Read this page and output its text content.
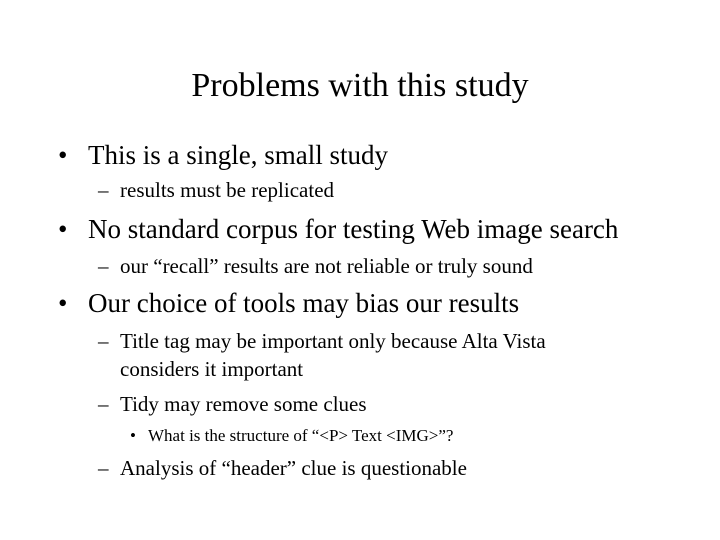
Problems with this study
• This is a single, small study
– results must be replicated
• No standard corpus for testing Web image search
– our “recall” results are not reliable or truly sound
• Our choice of tools may bias our results
– Title tag may be important only because Alta Vista
considers it important
– Tidy may remove some clues
• What is the structure of “<P> Text <IMG>”?
– Analysis of “header” clue is questionable
